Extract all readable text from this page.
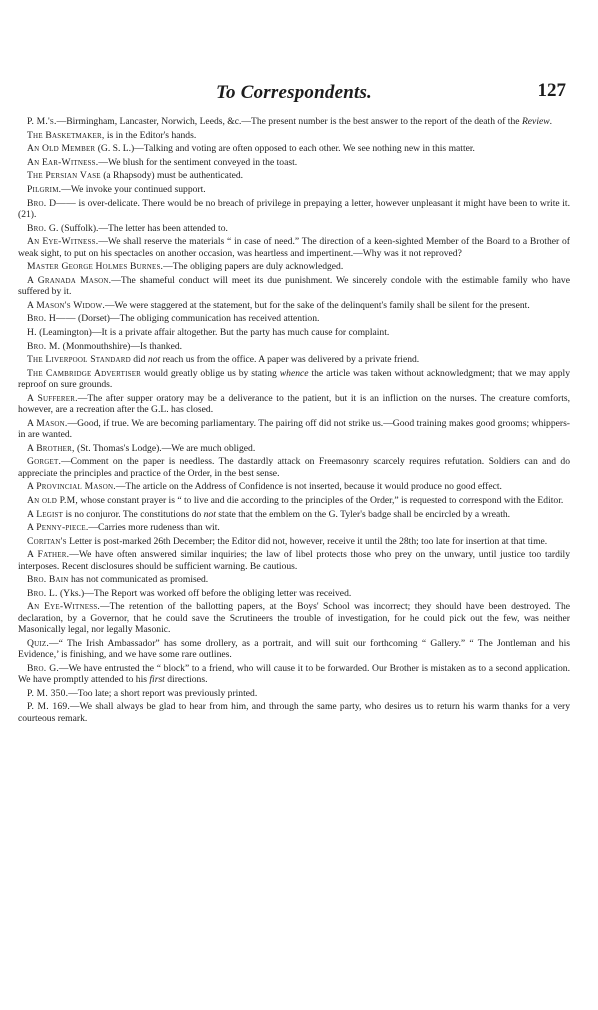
To Correspondents.	127

P. M.'s.—Birmingham, Lancaster, Norwich, Leeds, &c.—The present number is the best answer to the report of the death of the Review.

The Basketmaker, is in the Editor's hands.

An Old Member (G. S. L.)—Talking and voting are often opposed to each other. We see nothing new in this matter.

An Ear-Witness.—We blush for the sentiment conveyed in the toast.

The Persian Vase (a Rhapsody) must be authenticated.

Pilgrim.—We invoke your continued support.

Bro. D—— is over-delicate. There would be no breach of privilege in prepaying a letter, however unpleasant it might have been to write it. (21).

Bro. G. (Suffolk).—The letter has been attended to.

An Eye-Witness.—We shall reserve the materials “ in case of need.” The direction of a keen-sighted Member of the Board to a Brother of weak sight, to put on his spectacles on another occasion, was heartless and impertinent.—Why was it not reproved?

Master George Holmes Burnes.—The obliging papers are duly acknowledged.

A Granada Mason.—The shameful conduct will meet its due punishment. We sincerely condole with the estimable family who have suffered by it.

A Mason's Widow.—We were staggered at the statement, but for the sake of the delinquent's family shall be silent for the present.

Bro. H—— (Dorset)—The obliging communication has received attention.

H. (Leamington)—It is a private affair altogether. But the party has much cause for complaint.

Bro. M. (Monmouthshire)—Is thanked.

The Liverpool Standard did not reach us from the office. A paper was delivered by a private friend.

The Cambridge Advertiser would greatly oblige us by stating whence the article was taken without acknowledgment; that we may apply reproof on sure grounds.

A Sufferer.—The after supper oratory may be a deliverance to the patient, but it is an infliction on the nurses. The creature comforts, however, are a recreation after the G.L. has closed.

A Mason.—Good, if true. We are becoming parliamentary. The pairing off did not strike us.—Good training makes good grooms; whippers-in are wanted.

A Brother, (St. Thomas's Lodge).—We are much obliged.

Gorget.—Comment on the paper is needless. The dastardly attack on Freemasonry scarcely requires refutation. Soldiers can and do appreciate the principles and practice of the Order, in the best sense.

A Provincial Mason.—The article on the Address of Confidence is not inserted, because it would produce no good effect.

An old P.M, whose constant prayer is “ to live and die according to the principles of the Order,” is requested to correspond with the Editor.

A Legist is no conjuror. The constitutions do not state that the emblem on the G. Tyler's badge shall be encircled by a wreath.

A Penny-piece.—Carries more rudeness than wit.

Coritan's Letter is post-marked 26th December; the Editor did not, however, receive it until the 28th; too late for insertion at that time.

A Father.—We have often answered similar inquiries; the law of libel protects those who prey on the unwary, until justice too tardily interposes. Recent disclosures should be sufficient warning. Be cautious.

Bro. Bain has not communicated as promised.

Bro. L. (Yks.)—The Report was worked off before the obliging letter was received.

An Eye-Witness.—The retention of the ballotting papers, at the Boys' School was incorrect; they should have been destroyed. The declaration, by a Governor, that he could save the Scrutineers the trouble of investigation, for he could pick out the few, was neither Masonically legal, nor legally Masonic.

Quiz.—“ The Irish Ambassador” has some drollery, as a portrait, and will suit our forthcoming “ Gallery.” “ The Jontleman and his Evidence,’ is finishing, and we have some rare outlines.

Bro. G.—We have entrusted the “ block” to a friend, who will cause it to be forwarded. Our Brother is mistaken as to a second application. We have promptly attended to his first directions.

P. M. 350.—Too late; a short report was previously printed.

P. M. 169.—We shall always be glad to hear from him, and through the same party, who desires us to return his warm thanks for a very courteous remark.
